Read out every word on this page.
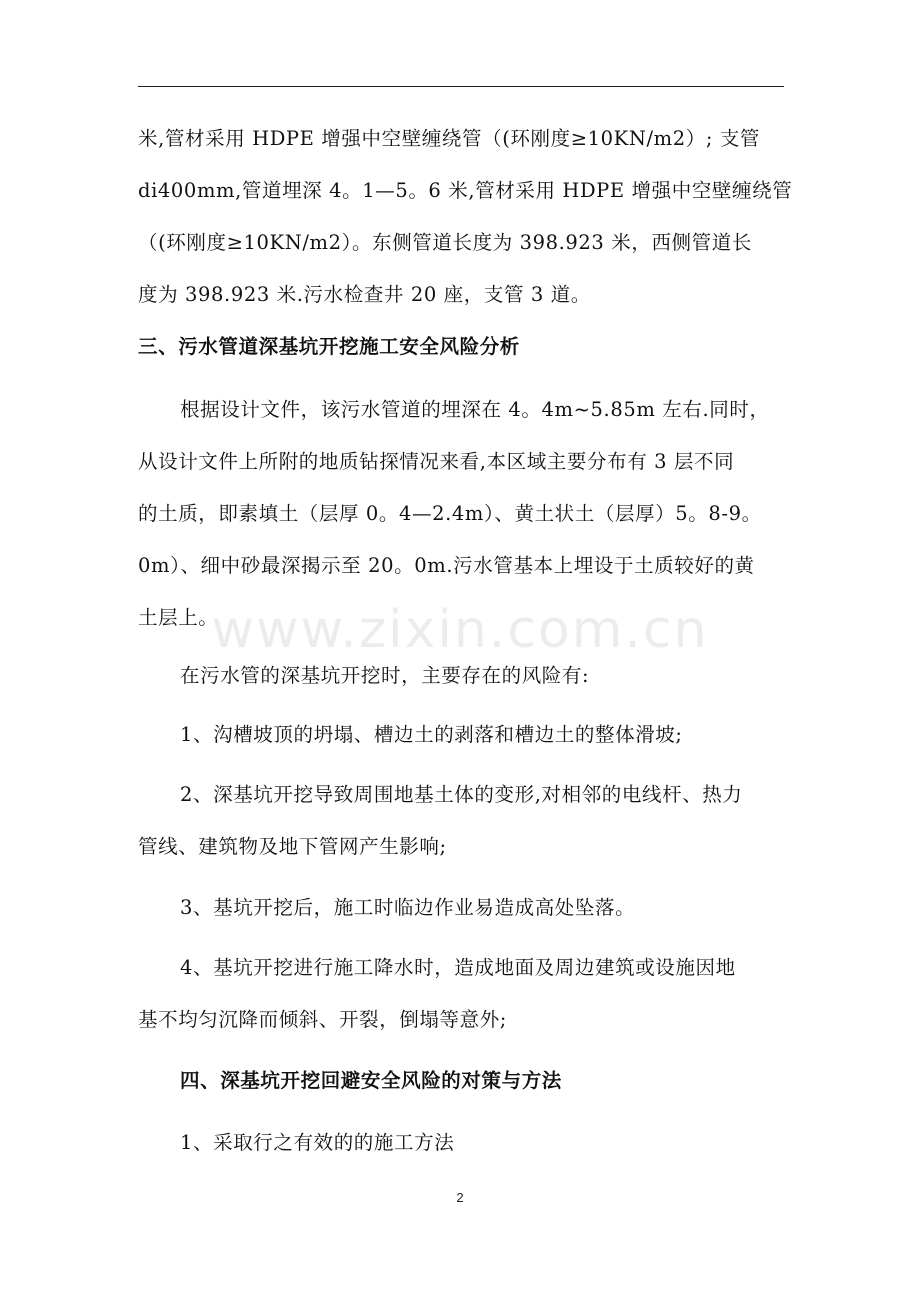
米,管材采用 HDPE 增强中空壁缠绕管（(环刚度≥10KN/m2）; 支管
di400mm,管道埋深 4。1—5。6 米,管材采用 HDPE 增强中空壁缠绕管
（(环刚度≥10KN/m2）。东侧管道长度为 398.923 米，西侧管道长
度为 398.923 米.污水检查井 20 座，支管 3 道。
三、污水管道深基坑开挖施工安全风险分析
根据设计文件，该污水管道的埋深在 4。4m~5.85m 左右.同时，
从设计文件上所附的地质钻探情况来看,本区域主要分布有 3 层不同
的土质，即素填土（层厚 0。4—2.4m）、黄土状土（层厚）5。8-9。
0m）、细中砂最深揭示至 20。0m.污水管基本上埋设于土质较好的黄
土层上。
在污水管的深基坑开挖时，主要存在的风险有:
1、沟槽坡顶的坍塌、槽边土的剥落和槽边土的整体滑坡;
2、深基坑开挖导致周围地基土体的变形,对相邻的电线杆、热力
管线、建筑物及地下管网产生影响;
3、基坑开挖后，施工时临边作业易造成高处坠落。
4、基坑开挖进行施工降水时，造成地面及周边建筑或设施因地
基不均匀沉降而倾斜、开裂，倒塌等意外;
四、深基坑开挖回避安全风险的对策与方法
1、采取行之有效的的施工方法
www.zixin.com.cn
2
